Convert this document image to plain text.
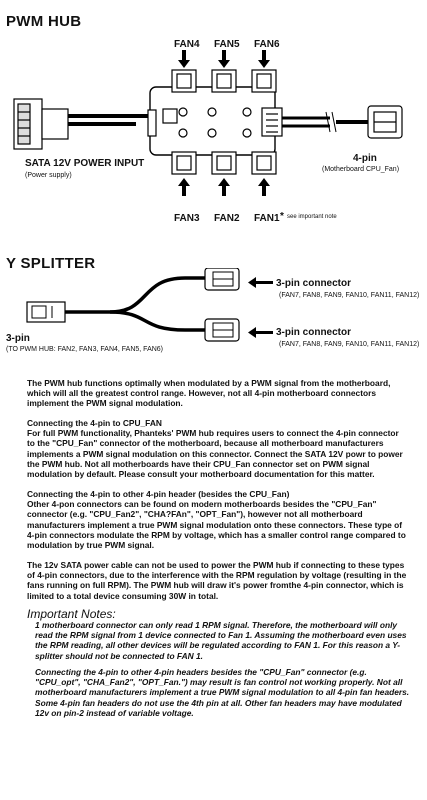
PWM HUB
FAN4 FAN5 FAN6
FAN3 FAN2 FAN1 * see important note
SATA 12V POWER INPUT
(Power supply)
4-pin
(Motherboard CPU_Fan)
Y SPLITTER
3-pin connector
(FAN7, FAN8, FAN9, FAN10, FAN11, FAN12)
3-pin connector
(FAN7, FAN8, FAN9, FAN10, FAN11, FAN12)
3-pin
(TO PWM HUB: FAN2, FAN3, FAN4, FAN5, FAN6)

The PWM hub functions optimally when modulated by a PWM signal from the motherboard, which will all the greatest control range. However, not all 4-pin motherboard connectors implement the PWM signal modulation.

Connecting the 4-pin to CPU_FAN
For full PWM functionality, Phanteks' PWM hub requires users to connect the 4-pin connector to the "CPU_Fan" connector of the motherboard, because all motherboard manufacturers implements a PWM signal modulation on this connector. Connect the SATA 12V powr to power the PWM hub. Not all motherboards have their CPU_Fan connector set on PWM signal modulation by default. Please consult your motherboard documentation for this matter.

Connecting the 4-pin to other 4-pin header (besides the CPU_Fan)
Other 4-pon connectors can be found on modern motherboards besides the "CPU_Fan" connector (e.g. "CPU_Fan2", "CHA?FAn", "OPT_Fan"), however not all motherboard manufacturers implement a true PWM signal modulation onto these connectors. These type of 4-pin connectors modulate the RPM by voltage, which has a smaller control range compared to modulation by true PWM signal.

The 12v SATA power cable can not be used to power the PWM hub if connecting to these types of 4-pin connectors, due to the interference with the RPM regulation by voltage (resulting in the fans running on full RPM). The PWM hub will draw it's power fromthe 4-pin connector, which is limited to a total device consuming 30W in total.

Important Notes:

1 motherboard connector can only read 1 RPM signal. Therefore, the motherboard will only read the RPM signal from 1 device connected to Fan 1. Assuming the motherboard even uses the RPM reading, all other devices will be regulated according to FAN 1. For this reason a Y-splitter should not be connected to FAN 1.

Connecting the 4-pin to other 4-pin headers besides the "CPU_Fan" connector (e.g. "CPU_opt", "CHA_Fan2", "OPT_Fan.") may result is fan control not working properly. Not all motherboard manufacturers implement a true PWM signal modulation to all 4-pin fan headers. Some 4-pin fan headers do not use the 4th pin at all. Other fan headers may have modulated 12v on pin-2 instead of variable voltage.
